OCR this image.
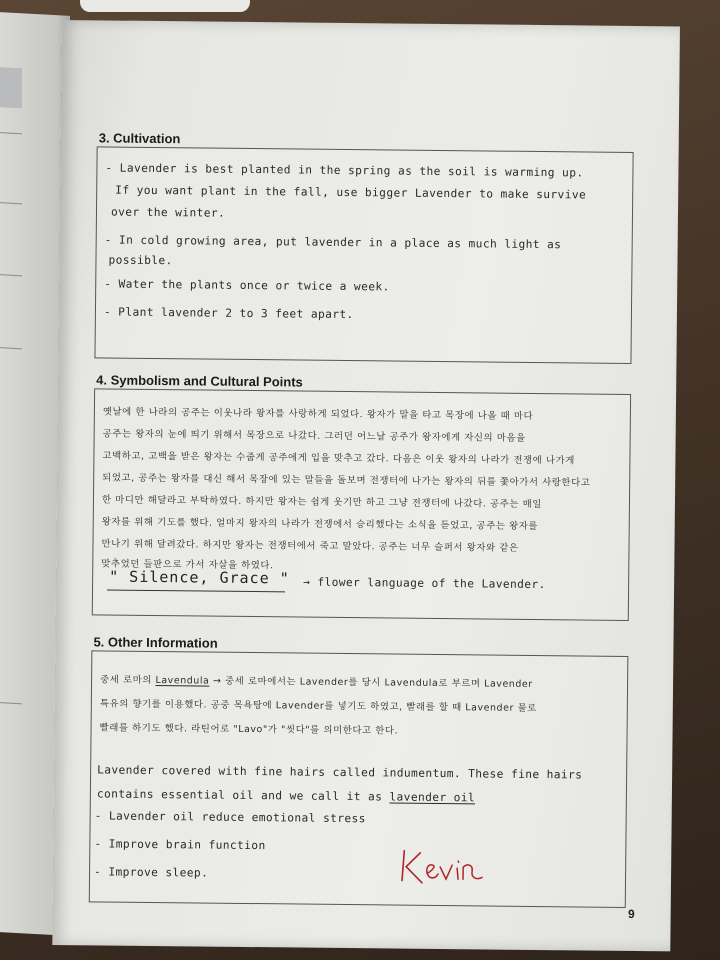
3. Cultivation
- Lavender is best planted in the spring as the soil is warming up.
If you want plant in the fall, use bigger Lavender to make survive
over the winter.
- In cold growing area, put lavender in a place as much light as
possible.
- Water the plants once or twice a week.
- Plant lavender 2 to 3 feet apart.
4. Symbolism and Cultural Points
옛날에 한 나라의 공주는 이웃나라 왕자를 사랑하게 되었다. 왕자가 말을 타고 목장에 나올 때 마다
공주는 왕자의 눈에 띄기 위해서 목장으로 나갔다. 그러던 어느날 공주가 왕자에게 자신의 마음을
고백하고, 고백을 받은 왕자는 수줍게 공주에게 입을 맞추고 갔다. 다음은 이웃 왕자의 나라가 전쟁에 나가게
되었고, 공주는 왕자를 대신 해서 목장에 있는 말들을 돌보며 전쟁터에 나가는 왕자의 뒤를 쫓아가서 사랑한다고
한 마디만 해달라고 부탁하였다. 하지만 왕자는 쉽게 웃기만 하고 그냥 전쟁터에 나갔다. 공주는 매일
왕자를 위해 기도를 했다. 얼마지 왕자의 나라가 전쟁에서 승리했다는 소식을 듣었고, 공주는 왕자를
만나기 위해 달려갔다. 하지만 왕자는 전쟁터에서 죽고 말았다. 공주는 너무 슬퍼서 왕자와 같은
맞추었던 들판으로 가서 자살을 하였다.
" Silence, Grace " → flower language of the Lavender.
5. Other Information
중세 로마의 Lavendula → 중세 로마에서는 Lavender를 당시 Lavendula로 부르며 Lavender
특유의 향기를 이용했다. 공중 목욕탕에 Lavender를 넣기도 하였고, 빨래를 할 때 Lavender 물로
빨래를 하기도 했다. 라틴어로 "Lavo"가 "씻다"를 의미한다고 한다.
Lavender covered with fine hairs called indumentum. These fine hairs
contains essential oil and we call it as lavender oil
- Lavender oil reduce emotional stress
- Improve brain function
- Improve sleep.
9
